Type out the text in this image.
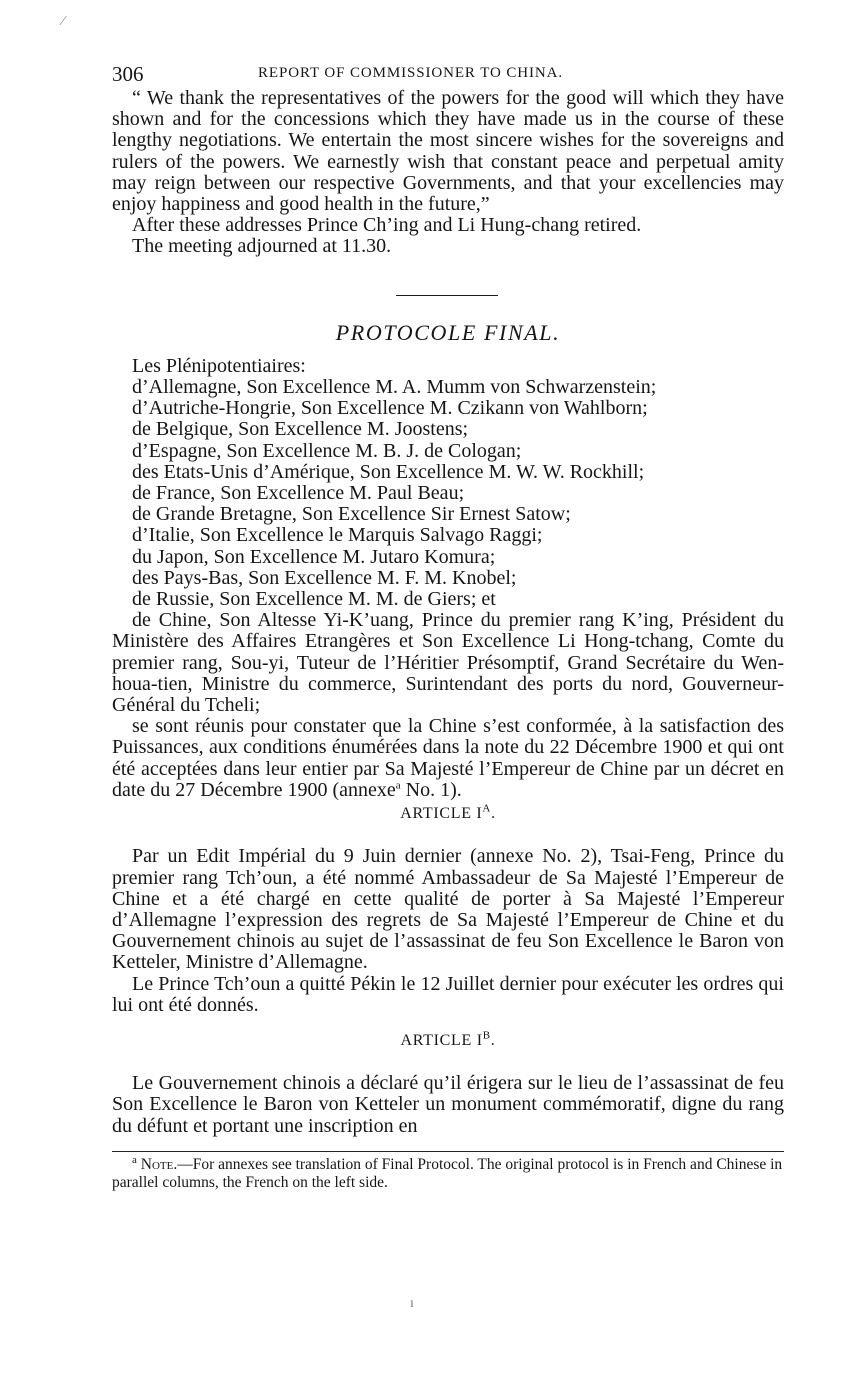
306	REPORT OF COMMISSIONER TO CHINA.

“ We thank the representatives of the powers for the good will which they have shown and for the concessions which they have made us in the course of these lengthy negotiations. We entertain the most sincere wishes for the sovereigns and rulers of the powers. We earnestly wish that constant peace and perpetual amity may reign between our respective Governments, and that your excellencies may enjoy happiness and good health in the future,”

After these addresses Prince Ch’ing and Li Hung-chang retired.

The meeting adjourned at 11.30.

PROTOCOLE FINAL.

Les Plénipotentiaires:

d’Allemagne, Son Excellence M. A. Mumm von Schwarzenstein;

d’Autriche-Hongrie, Son Excellence M. Czikann von Wahlborn;

de Belgique, Son Excellence M. Joostens;

d’Espagne, Son Excellence M. B. J. de Cologan;

des Etats-Unis d’Amérique, Son Excellence M. W. W. Rockhill;

de France, Son Excellence M. Paul Beau;

de Grande Bretagne, Son Excellence Sir Ernest Satow;

d’Italie, Son Excellence le Marquis Salvago Raggi;

du Japon, Son Excellence M. Jutaro Komura;

des Pays-Bas, Son Excellence M. F. M. Knobel;

de Russie, Son Excellence M. M. de Giers; et

de Chine, Son Altesse Yi-K’uang, Prince du premier rang K’ing, Président du Ministère des Affaires Etrangères et Son Excellence Li Hong-tchang, Comte du premier rang, Sou-yi, Tuteur de l’Héritier Présomptif, Grand Secrétaire du Wen-houa-tien, Ministre du commerce, Surintendant des ports du nord, Gouverneur-Général du Tcheli;

se sont réunis pour constater que la Chine s’est conformée, à la satisfaction des Puissances, aux conditions énumérées dans la note du 22 Décembre 1900 et qui ont été acceptées dans leur entier par Sa Majesté l’Empereur de Chine par un décret en date du 27 Décembre 1900 (annexe$^a$ No. 1).

ARTICLE $I^A$.

Par un Edit Impérial du 9 Juin dernier (annexe No. 2), Tsai-Feng, Prince du premier rang Tch’oun, a été nommé Ambassadeur de Sa Majesté l’Empereur de Chine et a été chargé en cette qualité de porter à Sa Majesté l’Empereur d’Allemagne l’expression des regrets de Sa Majesté l’Empereur de Chine et du Gouvernement chinois au sujet de l’assassinat de feu Son Excellence le Baron von Ketteler, Ministre d’Allemagne.

Le Prince Tch’oun a quitté Pékin le 12 Juillet dernier pour exécuter les ordres qui lui ont été donnés.

ARTICLE $I^B$.

Le Gouvernement chinois a déclaré qu’il érigera sur le lieu de l’assassinat de feu Son Excellence le Baron von Ketteler un monument commémoratif, digne du rang du défunt et portant une inscription en

$^a$ Note.—For annexes see translation of Final Protocol. The original protocol is in French and Chinese in parallel columns, the French on the left side.

⁄
ı
